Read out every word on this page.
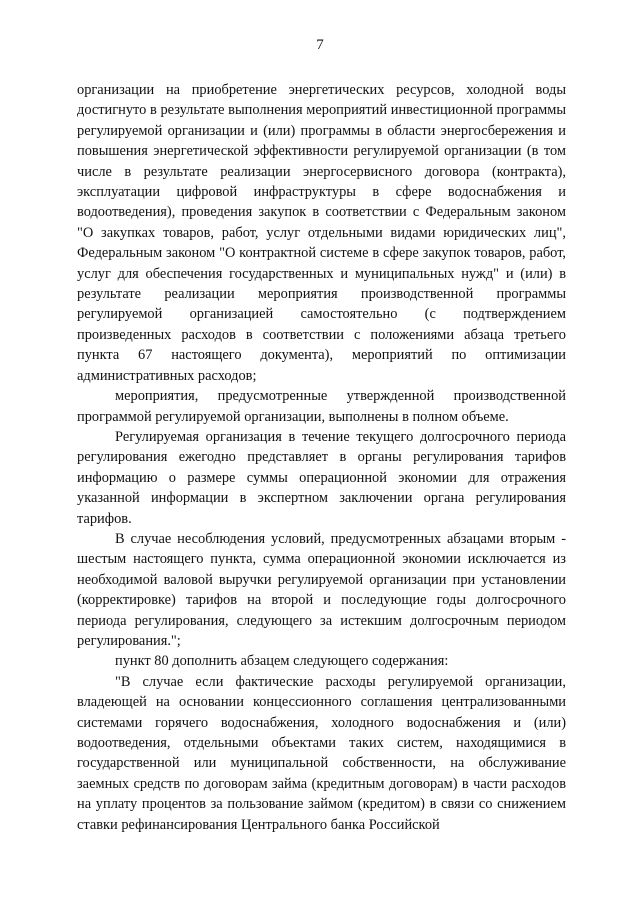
7

организации на приобретение энергетических ресурсов, холодной воды достигнуто в результате выполнения мероприятий инвестиционной программы регулируемой организации и (или) программы в области энергосбережения и повышения энергетической эффективности регулируемой организации (в том числе в результате реализации энергосервисного договора (контракта), эксплуатации цифровой инфраструктуры в сфере водоснабжения и водоотведения), проведения закупок в соответствии с Федеральным законом "О закупках товаров, работ, услуг отдельными видами юридических лиц", Федеральным законом "О контрактной системе в сфере закупок товаров, работ, услуг для обеспечения государственных и муниципальных нужд" и (или) в результате реализации мероприятия производственной программы регулируемой организацией самостоятельно (с подтверждением произведенных расходов в соответствии с положениями абзаца третьего пункта 67 настоящего документа), мероприятий по оптимизации административных расходов;

мероприятия, предусмотренные утвержденной производственной программой регулируемой организации, выполнены в полном объеме.

Регулируемая организация в течение текущего долгосрочного периода регулирования ежегодно представляет в органы регулирования тарифов информацию о размере суммы операционной экономии для отражения указанной информации в экспертном заключении органа регулирования тарифов.

В случае несоблюдения условий, предусмотренных абзацами вторым - шестым настоящего пункта, сумма операционной экономии исключается из необходимой валовой выручки регулируемой организации при установлении (корректировке) тарифов на второй и последующие годы долгосрочного периода регулирования, следующего за истекшим долгосрочным периодом регулирования.";

пункт 80 дополнить абзацем следующего содержания:

"В случае если фактические расходы регулируемой организации, владеющей на основании концессионного соглашения централизованными системами горячего водоснабжения, холодного водоснабжения и (или) водоотведения, отдельными объектами таких систем, находящимися в государственной или муниципальной собственности, на обслуживание заемных средств по договорам займа (кредитным договорам) в части расходов на уплату процентов за пользование займом (кредитом) в связи со снижением ставки рефинансирования Центрального банка Российской
